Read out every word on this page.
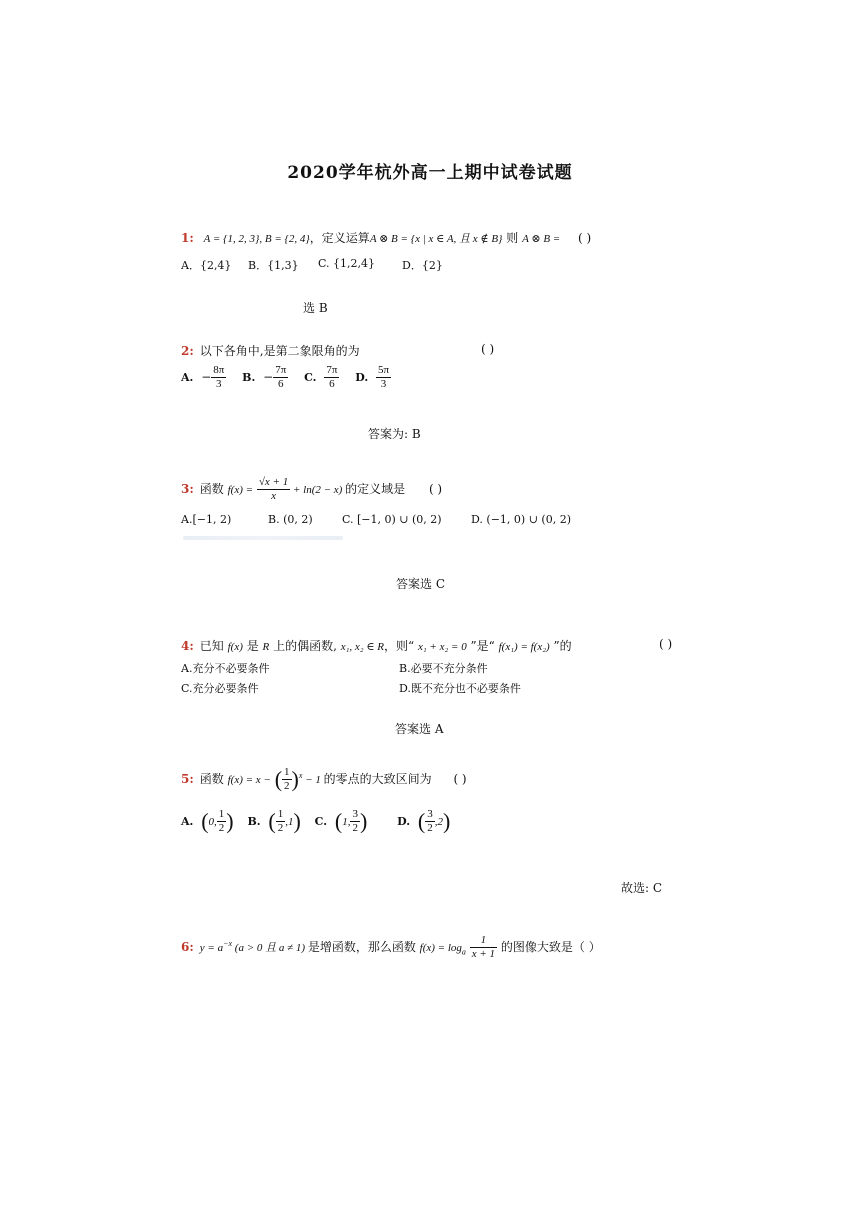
2020学年杭外高一上期中试卷试题
1: A = {1, 2, 3}, B = {2, 4}，定义运算A ⊗ B = {x | x ∈ A, 且 x ∉ B} 则 A ⊗ B = ( )
A．{2,4} B．{1,3} C. {1,2,4} D．{2}
选 B
2: 以下各角中,是第二象限角的为	( )
A. − $\frac{8\pi}{3} B$. − $\frac{7\pi}{6} C$. $\frac{7\pi}{6} D$. $\frac{5\pi}{3}$
答案为: B
3: 函数 $f(x) = \frac{√x + 1}{x} + \ln(2 - x)$ 的定义域是 ( )
A.[−1, 2)	B. (0, 2)	C. [−1, 0) ∪ (0, 2)	D. (−1, 0) ∪ (0, 2)
答案选 C
4: 已知 f(x) 是 R 上的偶函数, x₁, x₂ ∈ R，则“ x₁ + x₂ = 0 ”是“ f(x₁) = f(x₂) ”的	( )
A.充分不必要条件	B.必要不充分条件
C.充分必要条件	D.既不充分也不必要条件
答案选 A
5: 函数 f(x) = x − ( $\frac{1}{2} )^x - 1$ 的零点的大致区间为 ( )
A. (0, $\frac{1}{2}$ ) B. ( $\frac{1}{2} ,1$) C. (1, $\frac{3}{2}$ )	D. ( $\frac{3}{2} ,2$)
故选: C
6: $y = a^{-x}$ (a > 0 且 a ≠ 1) 是增函数，那么函数 $f(x) = \log_a \frac{1}{x + 1}$ 的图像大致是（ ）
